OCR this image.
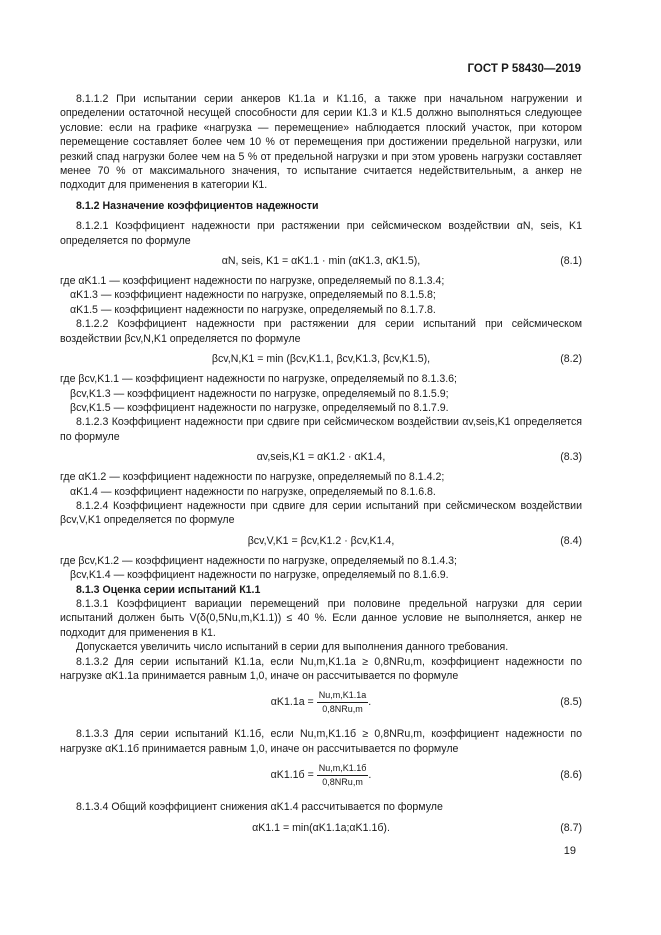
ГОСТ Р 58430—2019

8.1.1.2 При испытании серии анкеров К1.1а и К1.1б, а также при начальном нагружении и определении остаточной несущей способности для серии К1.3 и К1.5 должно выполняться следующее условие: если на графике «нагрузка — перемещение» наблюдается плоский участок, при котором перемещение составляет более чем 10 % от перемещения при достижении предельной нагрузки, или резкий спад нагрузки более чем на 5 % от предельной нагрузки и при этом уровень нагрузки составляет менее 70 % от максимального значения, то испытание считается недействительным, а анкер не подходит для применения в категории К1.

8.1.2 Назначение коэффициентов надежности

8.1.2.1 Коэффициент надежности при растяжении при сейсмическом воздействии αN, seis, K1 определяется по формуле

αN, seis, K1 = αK1.1 · min (αK1.3, αK1.5),	(8.1)

где αK1.1 — коэффициент надежности по нагрузке, определяемый по 8.1.3.4;

αK1.3 — коэффициент надежности по нагрузке, определяемый по 8.1.5.8;

αK1.5 — коэффициент надежности по нагрузке, определяемый по 8.1.7.8.

8.1.2.2 Коэффициент надежности при растяжении для серии испытаний при сейсмическом воздействии βcv,N,K1 определяется по формуле

βcv,N,K1 = min (βcv,K1.1, βcv,K1.3, βcv,K1.5),	(8.2)

где βcv,K1.1 — коэффициент надежности по нагрузке, определяемый по 8.1.3.6;

βcv,K1.3 — коэффициент надежности по нагрузке, определяемый по 8.1.5.9;

βcv,K1.5 — коэффициент надежности по нагрузке, определяемый по 8.1.7.9.

8.1.2.3 Коэффициент надежности при сдвиге при сейсмическом воздействии αv,seis,K1 определяется по формуле

αv,seis,K1 = αK1.2 · αK1.4,	(8.3)

где αK1.2 — коэффициент надежности по нагрузке, определяемый по 8.1.4.2;

αK1.4 — коэффициент надежности по нагрузке, определяемый по 8.1.6.8.

8.1.2.4 Коэффициент надежности при сдвиге для серии испытаний при сейсмическом воздействии βcv,V,K1 определяется по формуле

βcv,V,K1 = βcv,K1.2 · βcv,K1.4,	(8.4)

где βcv,K1.2 — коэффициент надежности по нагрузке, определяемый по 8.1.4.3;

βcv,K1.4 — коэффициент надежности по нагрузке, определяемый по 8.1.6.9.

8.1.3 Оценка серии испытаний К1.1

8.1.3.1 Коэффициент вариации перемещений при половине предельной нагрузки для серии испытаний должен быть V(δ(0,5Nu,m,K1.1)) ≤ 40 %. Если данное условие не выполняется, анкер не подходит для применения в К1.

Допускается увеличить число испытаний в серии для выполнения данного требования.

8.1.3.2 Для серии испытаний К1.1а, если Nu,m,K1.1a ≥ 0,8NRu,m, коэффициент надежности по нагрузке αK1.1a принимается равным 1,0, иначе он рассчитывается по формуле

αK1.1a =
$\frac{Nu,m,K1.1a}{\text{0,8NRu,m}}$ .	(8.5)

8.1.3.3 Для серии испытаний К1.1б, если Nu,m,K1.1б ≥ 0,8NRu,m, коэффициент надежности по нагрузке αK1.1б принимается равным 1,0, иначе он рассчитывается по формуле

αK1.1б =
$\frac{Nu,m,K1.1б}{\text{0,8NRu,m}}$ .	(8.6)

8.1.3.4 Общий коэффициент снижения αK1.4 рассчитывается по формуле

αK1.1 = min(αK1.1a;αK1.1б).	(8.7)
19
